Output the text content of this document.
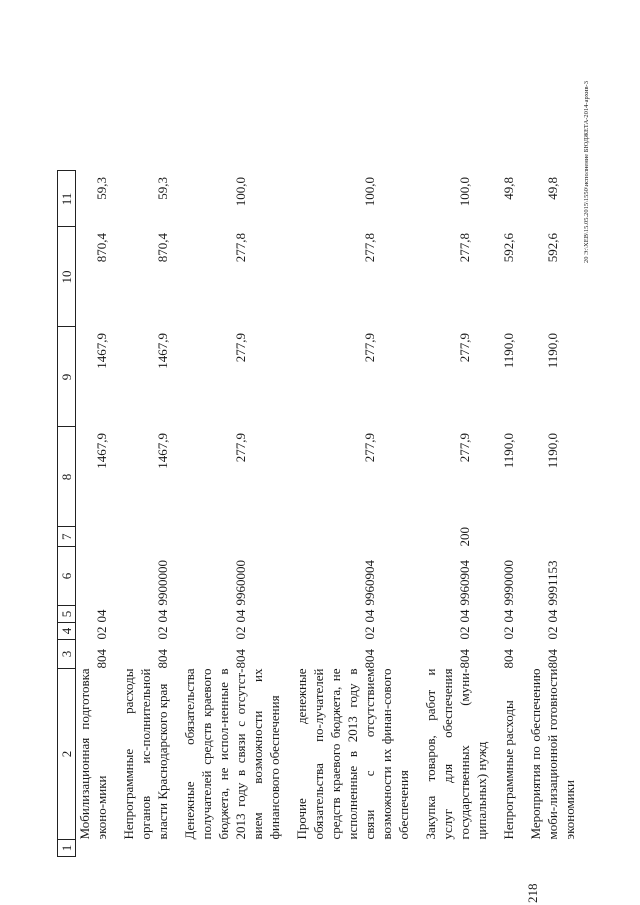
218
20 Э:\ХЕВ\15.05.2015\1550\исполнение БЮДЖЕТА-2014-архив-3
1	2	3	4	5	6	7	8	9	10	11
	Мобилизационная подготовка эконо-мики	804	02	04			1467,9	1467,9	870,4	59,3

	Непрограммные расходы органов ис-полнительной власти Краснодарского края	804	02	04	9900000		1467,9	1467,9	870,4	59,3

	Денежные обязательства получателей средств краевого бюджета, не испол-ненные в 2013 году в связи с отсутст-вием возможности их финансового обеспечения	804	02	04	9960000		277,9	277,9	277,8	100,0

	Прочие денежные обязательства по-лучателей средств краевого бюджета, не исполненные в 2013 году в связи с отсутствием возможности их финан-сового обеспечения	804	02	04	9960904		277,9	277,9	277,8	100,0

	Закупка товаров, работ и услуг для обеспечения государственных (муни-ципальных) нужд	804	02	04	9960904	200	277,9	277,9	277,8	100,0

	Непрограммные расходы	804	02	04	9990000		1190,0	1190,0	592,6	49,8

	Мероприятия по обеспечению моби-лизационной готовности экономики	804	02	04	9991153		1190,0	1190,0	592,6	49,8
